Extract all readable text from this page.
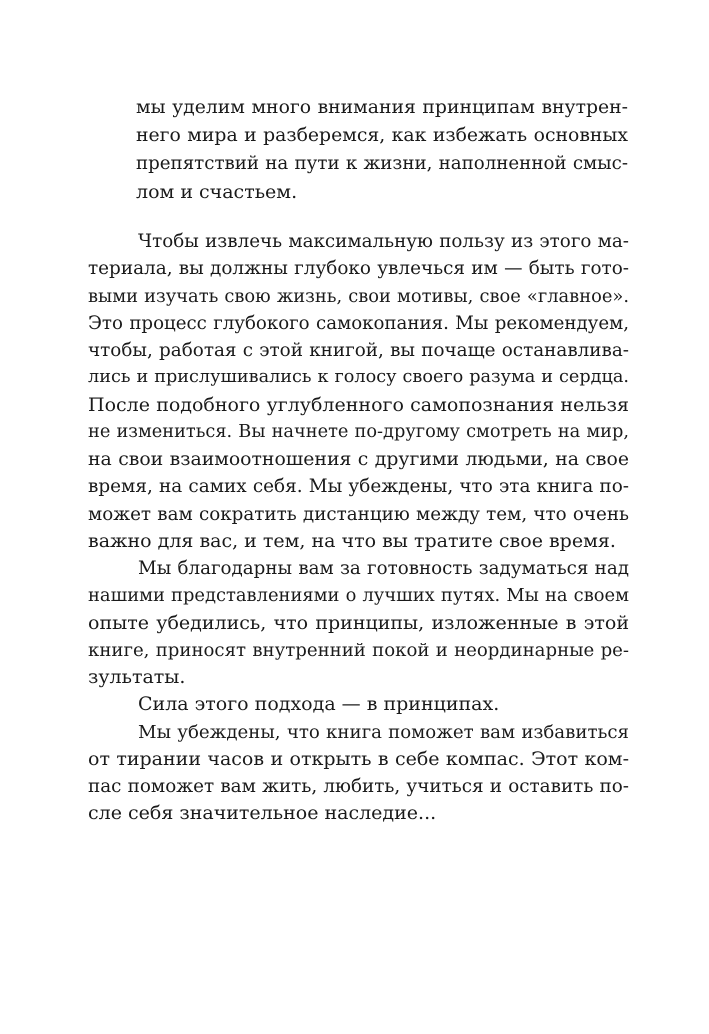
мы уделим много внимания принципам внутрен-
него мира и разберемся, как избежать основных
препятствий на пути к жизни, наполненной смыс-
лом и счастьем.
Чтобы извлечь максимальную пользу из этого ма-
териала, вы должны глубоко увлечься им — быть гото-
выми изучать свою жизнь, свои мотивы, свое «главное».
Это процесс глубокого самокопания. Мы рекомендуем,
чтобы, работая с этой книгой, вы почаще останавлива-
лись и прислушивались к голосу своего разума и сердца.
После подобного углубленного самопознания нельзя
не измениться. Вы начнете по-другому смотреть на мир,
на свои взаимоотношения с другими людьми, на свое
время, на самих себя. Мы убеждены, что эта книга по-
может вам сократить дистанцию между тем, что очень
важно для вас, и тем, на что вы тратите свое время.
Мы благодарны вам за готовность задуматься над
нашими представлениями о лучших путях. Мы на своем
опыте убедились, что принципы, изложенные в этой
книге, приносят внутренний покой и неординарные ре-
зультаты.
Сила этого подхода — в принципах.
Мы убеждены, что книга поможет вам избавиться
от тирании часов и открыть в себе компас. Этот ком-
пас поможет вам жить, любить, учиться и оставить по-
сле себя значительное наследие...
